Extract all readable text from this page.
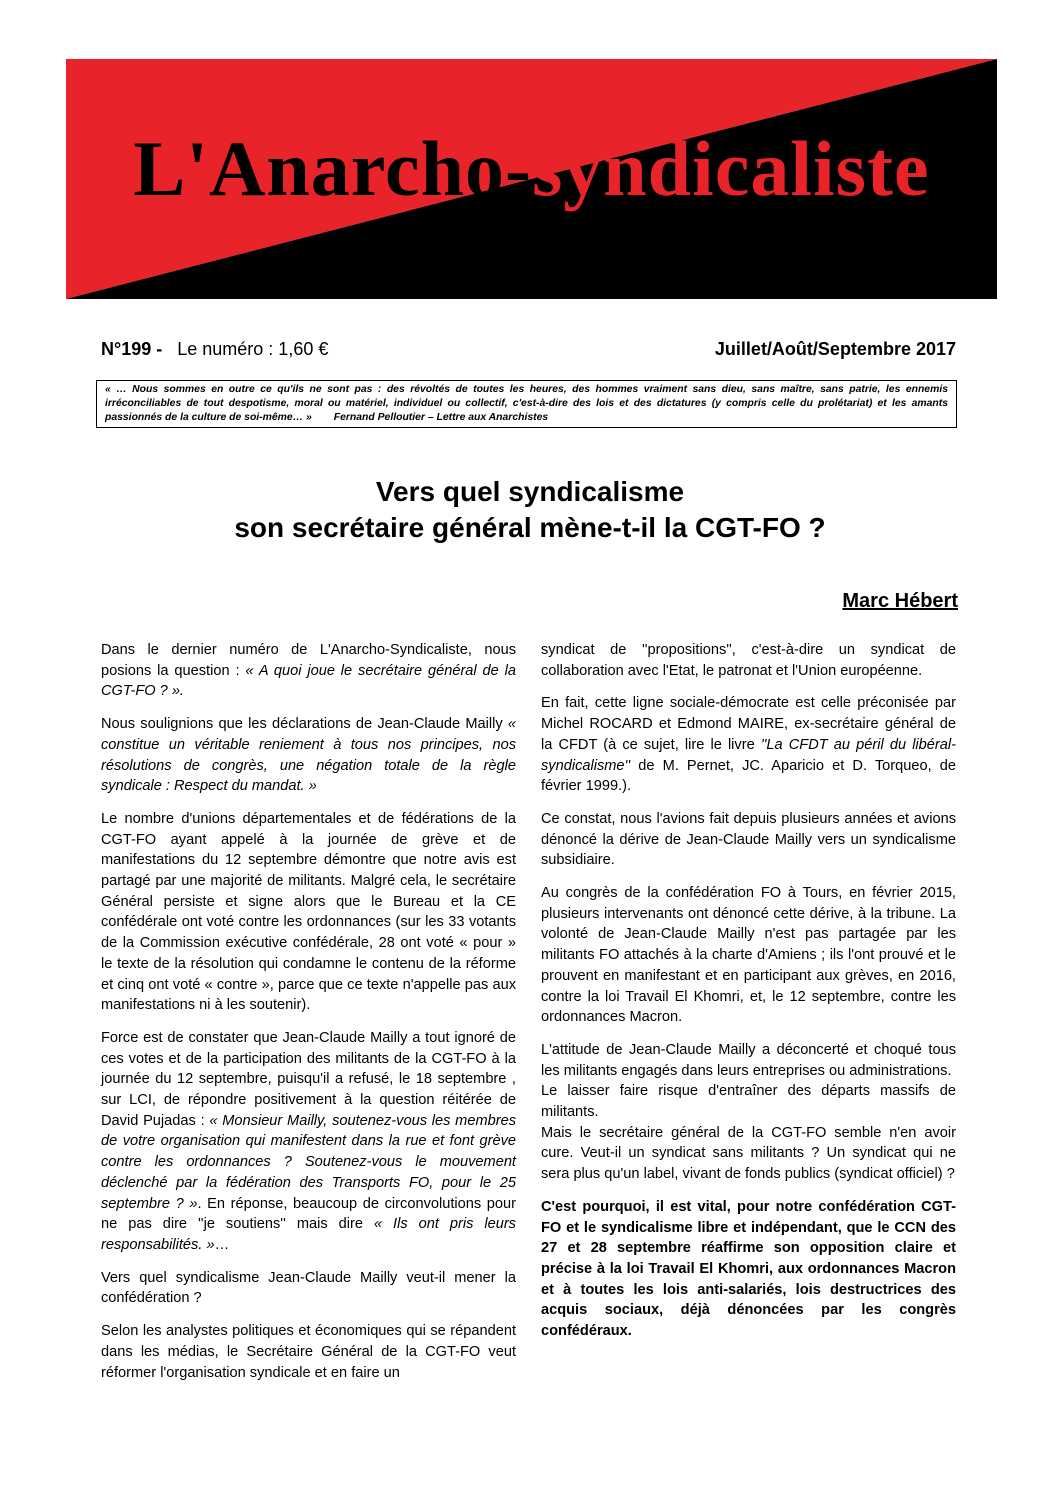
L'Anarcho-syndicaliste
N°199 - Le numéro : 1,60 €	Juillet/Août/Septembre 2017
« … Nous sommes en outre ce qu'ils ne sont pas : des révoltés de toutes les heures, des hommes vraiment sans dieu, sans maître, sans patrie, les ennemis irréconciliables de tout despotisme, moral ou matériel, individuel ou collectif, c'est-à-dire des lois et des dictatures (y compris celle du prolétariat) et les amants passionnés de la culture de soi-même… » Fernand Pelloutier – Lettre aux Anarchistes
Vers quel syndicalisme
son secrétaire général mène-t-il la CGT-FO ?
Marc Hébert

Dans le dernier numéro de L'Anarcho-Syndicaliste, nous posions la question : « A quoi joue le secrétaire général de la CGT-FO ? ».

Nous soulignions que les déclarations de Jean-Claude Mailly « constitue un véritable reniement à tous nos principes, nos résolutions de congrès, une négation totale de la règle syndicale : Respect du mandat. »

Le nombre d'unions départementales et de fédérations de la CGT-FO ayant appelé à la journée de grève et de manifestations du 12 septembre démontre que notre avis est partagé par une majorité de militants. Malgré cela, le secrétaire Général persiste et signe alors que le Bureau et la CE confédérale ont voté contre les ordonnances (sur les 33 votants de la Commission exécutive confédérale, 28 ont voté « pour » le texte de la résolution qui condamne le contenu de la réforme et cinq ont voté « contre », parce que ce texte n'appelle pas aux manifestations ni à les soutenir).

Force est de constater que Jean-Claude Mailly a tout ignoré de ces votes et de la participation des militants de la CGT-FO à la journée du 12 septembre, puisqu'il a refusé, le 18 septembre , sur LCI, de répondre positivement à la question réitérée de David Pujadas : « Monsieur Mailly, soutenez-vous les membres de votre organisation qui manifestent dans la rue et font grève contre les ordonnances ? Soutenez-vous le mouvement déclenché par la fédération des Transports FO, pour le 25 septembre ? ». En réponse, beaucoup de circonvolutions pour ne pas dire ''je soutiens'' mais dire « Ils ont pris leurs responsabilités. »…

Vers quel syndicalisme Jean-Claude Mailly veut-il mener la confédération ?

Selon les analystes politiques et économiques qui se répandent dans les médias, le Secrétaire Général de la CGT-FO veut réformer l'organisation syndicale et en faire un

syndicat de ''propositions'', c'est-à-dire un syndicat de collaboration avec l'Etat, le patronat et l'Union européenne.

En fait, cette ligne sociale-démocrate est celle préconisée par Michel ROCARD et Edmond MAIRE, ex-secrétaire général de la CFDT (à ce sujet, lire le livre ''La CFDT au péril du libéral-syndicalisme'' de M. Pernet, JC. Aparicio et D. Torqueo, de février 1999.).

Ce constat, nous l'avions fait depuis plusieurs années et avions dénoncé la dérive de Jean-Claude Mailly vers un syndicalisme subsidiaire.

Au congrès de la confédération FO à Tours, en février 2015, plusieurs intervenants ont dénoncé cette dérive, à la tribune. La volonté de Jean-Claude Mailly n'est pas partagée par les militants FO attachés à la charte d'Amiens ; ils l'ont prouvé et le prouvent en manifestant et en participant aux grèves, en 2016, contre la loi Travail El Khomri, et, le 12 septembre, contre les ordonnances Macron.

L'attitude de Jean-Claude Mailly a déconcerté et choqué tous les militants engagés dans leurs entreprises ou administrations.
Le laisser faire risque d'entraîner des départs massifs de militants.
Mais le secrétaire général de la CGT-FO semble n'en avoir cure. Veut-il un syndicat sans militants ? Un syndicat qui ne sera plus qu'un label, vivant de fonds publics (syndicat officiel) ?

C'est pourquoi, il est vital, pour notre confédération CGT-FO et le syndicalisme libre et indépendant, que le CCN des 27 et 28 septembre réaffirme son opposition claire et précise à la loi Travail El Khomri, aux ordonnances Macron et à toutes les lois anti-salariés, lois destructrices des acquis sociaux, déjà dénoncées par les congrès confédéraux.
